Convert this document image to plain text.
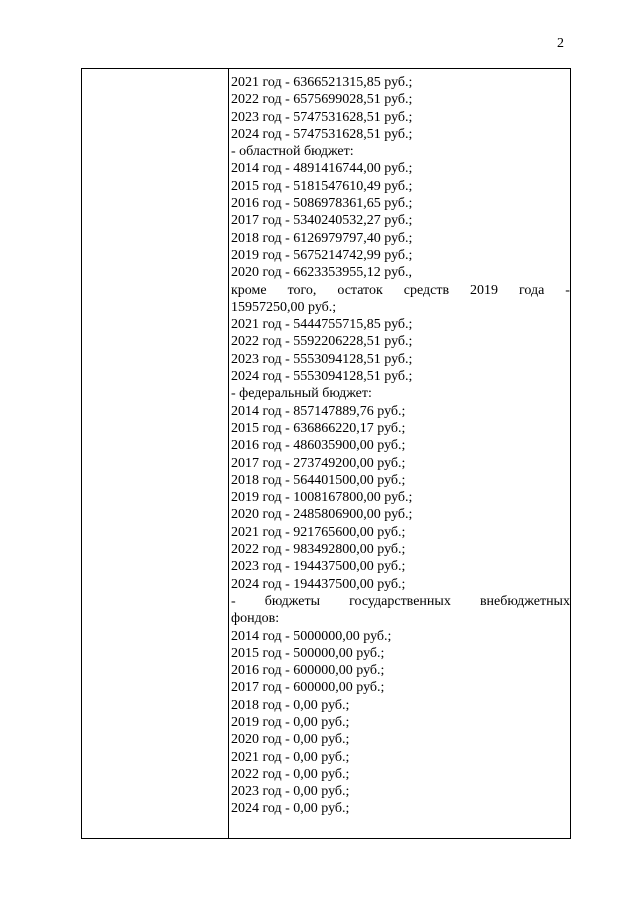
2
2021 год - 6366521315,85 руб.;
2022 год - 6575699028,51 руб.;
2023 год - 5747531628,51 руб.;
2024 год - 5747531628,51 руб.;
- областной бюджет:
2014 год - 4891416744,00 руб.;
2015 год - 5181547610,49 руб.;
2016 год - 5086978361,65 руб.;
2017 год - 5340240532,27 руб.;
2018 год - 6126979797,40 руб.;
2019 год - 5675214742,99 руб.;
2020 год - 6623353955,12 руб.,
кроме того, остаток средств 2019 года -
15957250,00 руб.;
2021 год - 5444755715,85 руб.;
2022 год - 5592206228,51 руб.;
2023 год - 5553094128,51 руб.;
2024 год - 5553094128,51 руб.;
- федеральный бюджет:
2014 год - 857147889,76 руб.;
2015 год - 636866220,17 руб.;
2016 год - 486035900,00 руб.;
2017 год - 273749200,00 руб.;
2018 год - 564401500,00 руб.;
2019 год - 1008167800,00 руб.;
2020 год - 2485806900,00 руб.;
2021 год - 921765600,00 руб.;
2022 год - 983492800,00 руб.;
2023 год - 194437500,00 руб.;
2024 год - 194437500,00 руб.;
- бюджеты государственных внебюджетных
фондов:
2014 год - 5000000,00 руб.;
2015 год - 500000,00 руб.;
2016 год - 600000,00 руб.;
2017 год - 600000,00 руб.;
2018 год - 0,00 руб.;
2019 год - 0,00 руб.;
2020 год - 0,00 руб.;
2021 год - 0,00 руб.;
2022 год - 0,00 руб.;
2023 год - 0,00 руб.;
2024 год - 0,00 руб.;
